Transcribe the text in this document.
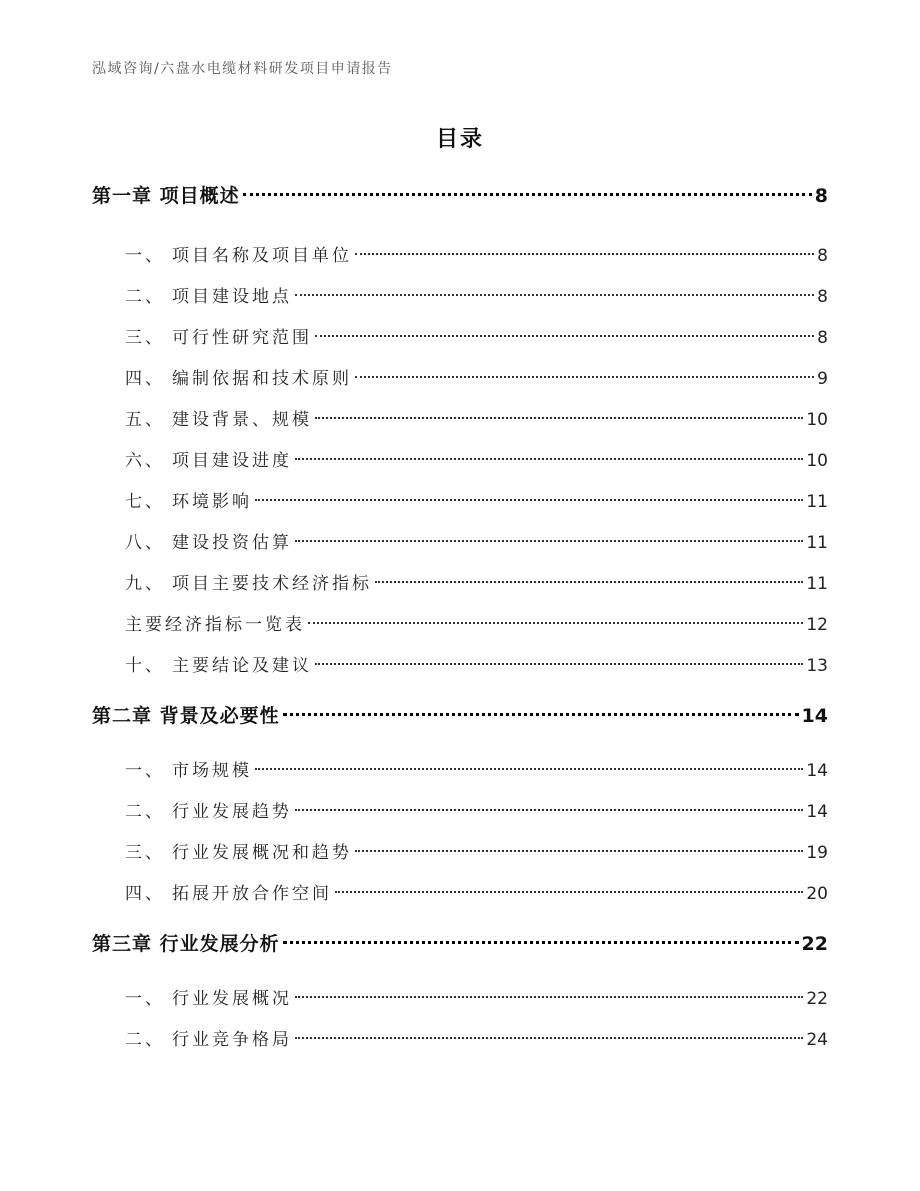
泓域咨询/六盘水电缆材料研发项目申请报告
目录
第一章 项目概述	8
一、 项目名称及项目单位	8
二、 项目建设地点	8
三、 可行性研究范围	8
四、 编制依据和技术原则	9
五、 建设背景、规模	10
六、 项目建设进度	10
七、 环境影响	11
八、 建设投资估算	11
九、 项目主要技术经济指标	11
主要经济指标一览表	12
十、 主要结论及建议	13
第二章 背景及必要性	14
一、 市场规模	14
二、 行业发展趋势	14
三、 行业发展概况和趋势	19
四、 拓展开放合作空间	20
第三章 行业发展分析	22
一、 行业发展概况	22
二、 行业竞争格局	24
